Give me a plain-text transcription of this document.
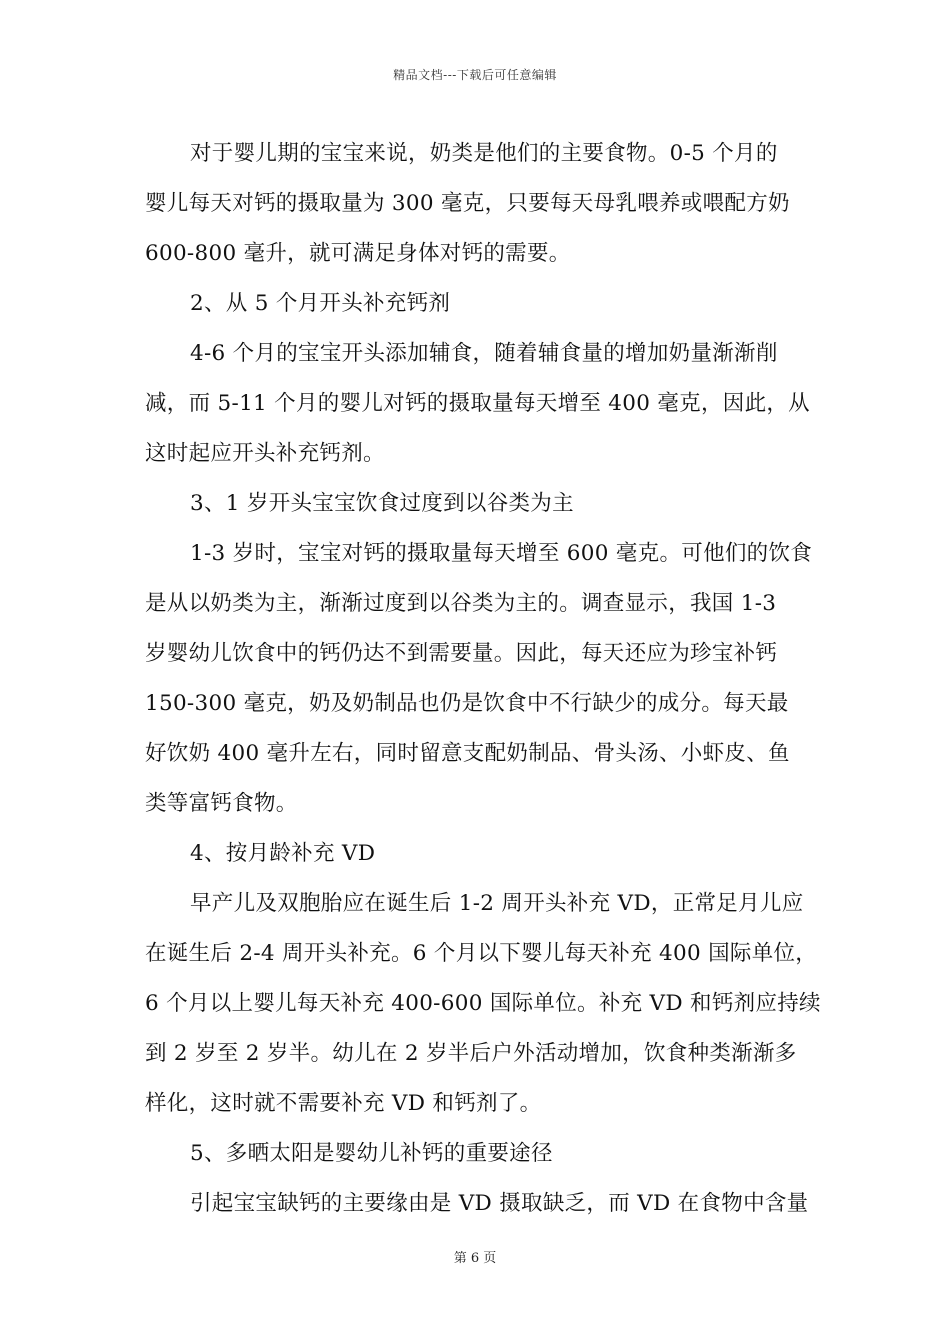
精品文档---下载后可任意编辑
对于婴儿期的宝宝来说，奶类是他们的主要食物。0-5 个月的
婴儿每天对钙的摄取量为 300 毫克，只要每天母乳喂养或喂配方奶
600-800 毫升，就可满足身体对钙的需要。
2、从 5 个月开头补充钙剂
4-6 个月的宝宝开头添加辅食，随着辅食量的增加奶量渐渐削
减，而 5-11 个月的婴儿对钙的摄取量每天增至 400 毫克，因此，从
这时起应开头补充钙剂。
3、1 岁开头宝宝饮食过度到以谷类为主
1-3 岁时，宝宝对钙的摄取量每天增至 600 毫克。可他们的饮食
是从以奶类为主，渐渐过度到以谷类为主的。调查显示，我国 1-3
岁婴幼儿饮食中的钙仍达不到需要量。因此，每天还应为珍宝补钙
150-300 毫克，奶及奶制品也仍是饮食中不行缺少的成分。每天最
好饮奶 400 毫升左右，同时留意支配奶制品、骨头汤、小虾皮、鱼
类等富钙食物。
4、按月龄补充 VD
早产儿及双胞胎应在诞生后 1-2 周开头补充 VD，正常足月儿应
在诞生后 2-4 周开头补充。6 个月以下婴儿每天补充 400 国际单位，
6 个月以上婴儿每天补充 400-600 国际单位。补充 VD 和钙剂应持续
到 2 岁至 2 岁半。幼儿在 2 岁半后户外活动增加，饮食种类渐渐多
样化，这时就不需要补充 VD 和钙剂了。
5、多晒太阳是婴幼儿补钙的重要途径
引起宝宝缺钙的主要缘由是 VD 摄取缺乏，而 VD 在食物中含量
第 6 页
